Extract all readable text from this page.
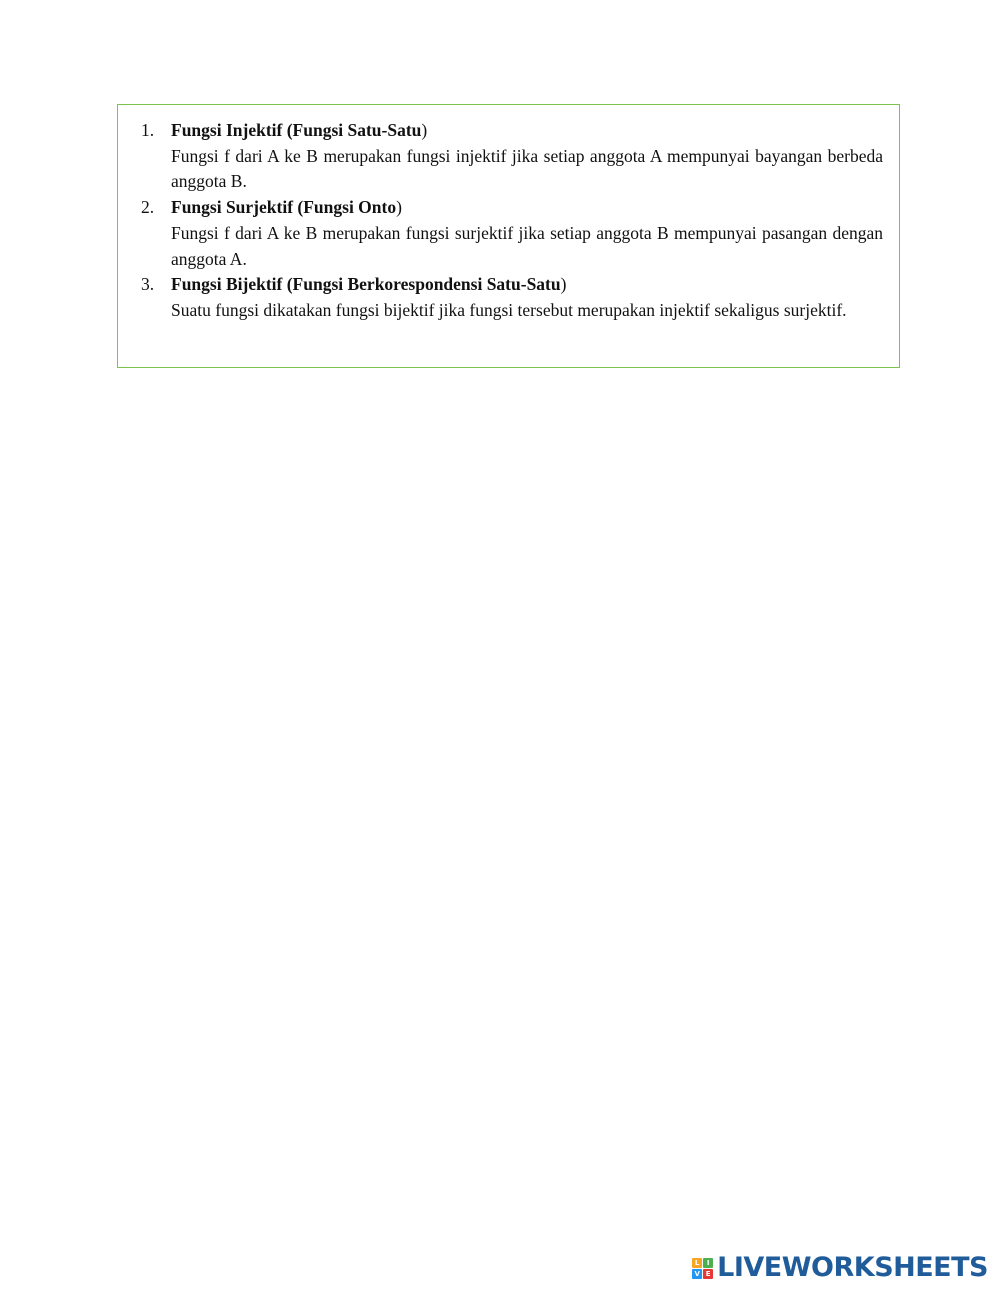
1. Fungsi Injektif (Fungsi Satu-Satu)
Fungsi f dari A ke B merupakan fungsi injektif jika setiap anggota A mempunyai bayangan berbeda anggota B.
2. Fungsi Surjektif (Fungsi Onto)
Fungsi f dari A ke B merupakan fungsi surjektif jika setiap anggota B mempunyai pasangan dengan anggota A.
3. Fungsi Bijektif (Fungsi Berkorespondensi Satu-Satu)
Suatu fungsi dikatakan fungsi bijektif jika fungsi tersebut merupakan injektif sekaligus surjektif.
L	I
V E LIVEWORKSHEETS
